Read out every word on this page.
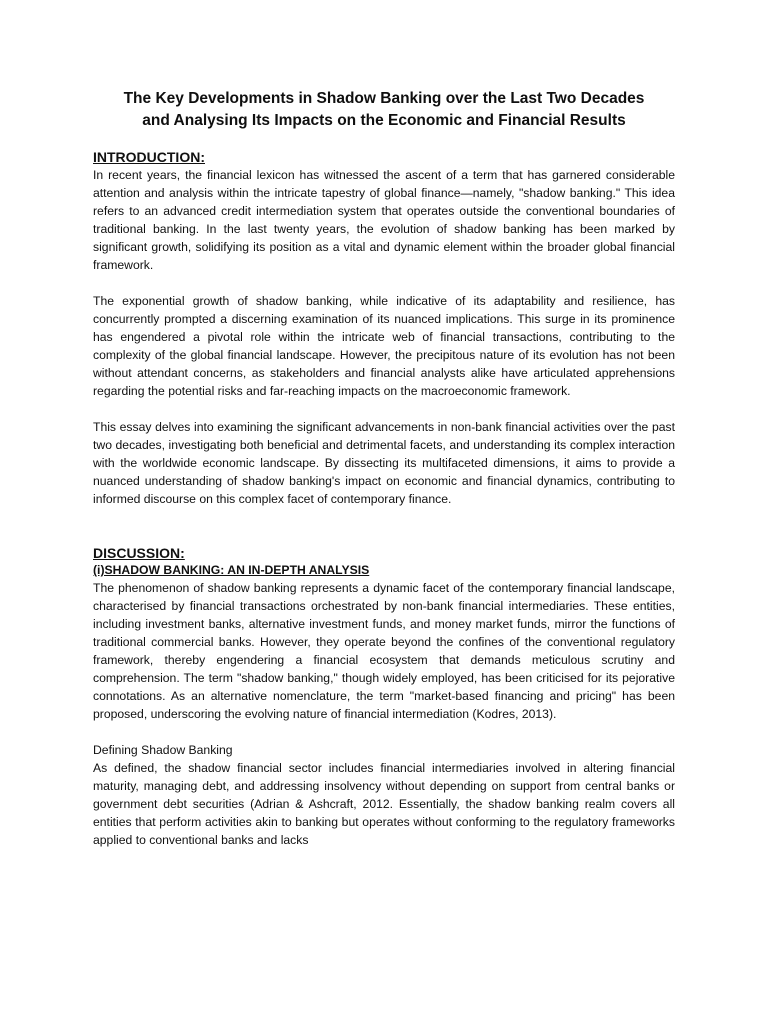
The Key Developments in Shadow Banking over the Last Two Decades
and Analysing Its Impacts on the Economic and Financial Results
INTRODUCTION:

In recent years, the financial lexicon has witnessed the ascent of a term that has garnered considerable attention and analysis within the intricate tapestry of global finance—namely, "shadow banking." This idea refers to an advanced credit intermediation system that operates outside the conventional boundaries of traditional banking. In the last twenty years, the evolution of shadow banking has been marked by significant growth, solidifying its position as a vital and dynamic element within the broader global financial framework.

The exponential growth of shadow banking, while indicative of its adaptability and resilience, has concurrently prompted a discerning examination of its nuanced implications. This surge in its prominence has engendered a pivotal role within the intricate web of financial transactions, contributing to the complexity of the global financial landscape. However, the precipitous nature of its evolution has not been without attendant concerns, as stakeholders and financial analysts alike have articulated apprehensions regarding the potential risks and far-reaching impacts on the macroeconomic framework.

This essay delves into examining the significant advancements in non-bank financial activities over the past two decades, investigating both beneficial and detrimental facets, and understanding its complex interaction with the worldwide economic landscape. By dissecting its multifaceted dimensions, it aims to provide a nuanced understanding of shadow banking's impact on economic and financial dynamics, contributing to informed discourse on this complex facet of contemporary finance.

DISCUSSION:
(i)SHADOW BANKING: AN IN-DEPTH ANALYSIS

The phenomenon of shadow banking represents a dynamic facet of the contemporary financial landscape, characterised by financial transactions orchestrated by non-bank financial intermediaries. These entities, including investment banks, alternative investment funds, and money market funds, mirror the functions of traditional commercial banks. However, they operate beyond the confines of the conventional regulatory framework, thereby engendering a financial ecosystem that demands meticulous scrutiny and comprehension. The term "shadow banking," though widely employed, has been criticised for its pejorative connotations. As an alternative nomenclature, the term "market-based financing and pricing" has been proposed, underscoring the evolving nature of financial intermediation (Kodres, 2013).

Defining Shadow Banking

As defined, the shadow financial sector includes financial intermediaries involved in altering financial maturity, managing debt, and addressing insolvency without depending on support from central banks or government debt securities (Adrian & Ashcraft, 2012. Essentially, the shadow banking realm covers all entities that perform activities akin to banking but operates without conforming to the regulatory frameworks applied to conventional banks and lacks
